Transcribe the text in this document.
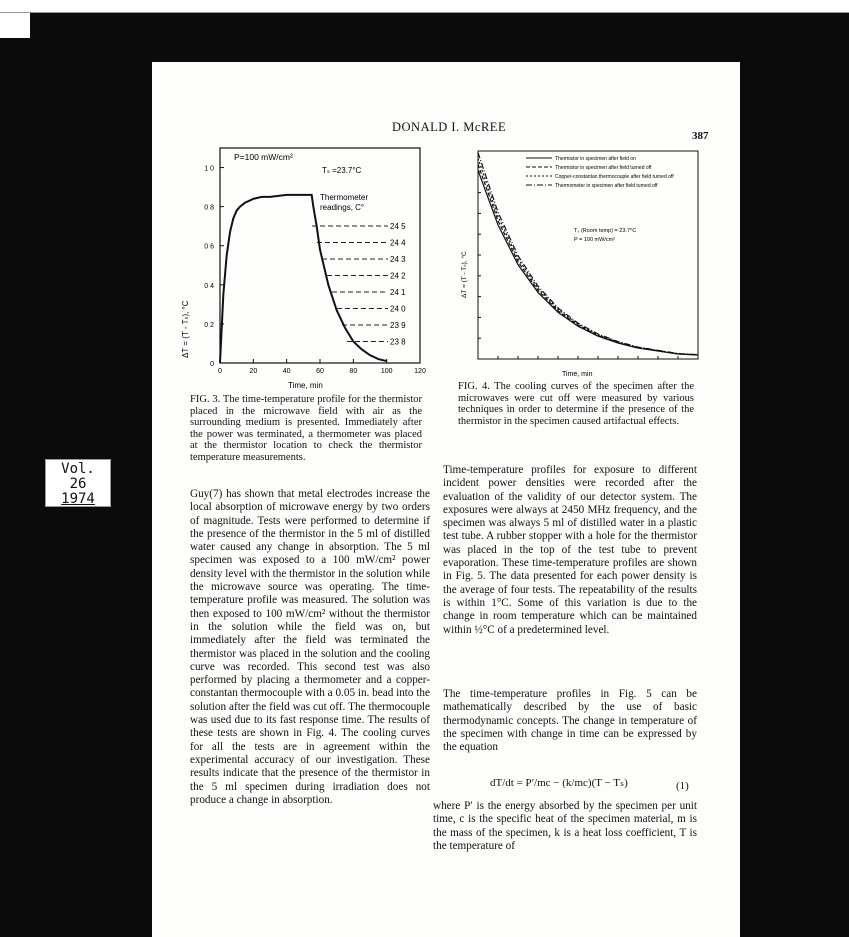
DONALD I. McREE
387
Vol.
26
1974
P=100 mW/cm²
Tₛ =23.7°C
Thermometer
readings, C°
ΔT = (T - Tₛ), °C
Time, min
0
0 2
0 4
0 6
0 8
1 0
0	20	40	60	80	100	120
24 5
24 4
24 3
24 2
24 1
24 0
23 9
23 8
FIG. 3. The time-temperature profile for the thermistor placed in the microwave field with air as the surrounding medium is presented. Immediately after the power was terminated, a thermometer was placed at the thermistor location to check the thermistor temperature measurements.
ΔT = (T - Tₛ), °C
Time, min
Tₛ (Room temp) = 23.7°C
P = 100 mW/cm²
Thermistor in specimen after field on
Thermistor in specimen after field turned off
Copper-constantan thermocouple after field turned off
Thermometer in specimen after field turned off
FIG. 4. The cooling curves of the specimen after the microwaves were cut off were measured by various techniques in order to determine if the presence of the thermistor in the specimen caused artifactual effects.
Guy(7) has shown that metal electrodes increase the local absorption of microwave energy by two orders of magnitude. Tests were performed to determine if the presence of the thermistor in the 5 ml of distilled water caused any change in absorption. The 5 ml specimen was exposed to a 100 mW/cm² power density level with the thermistor in the solution while the microwave source was operating. The time-temperature profile was measured. The solution was then exposed to 100 mW/cm² without the thermistor in the solution while the field was on, but immediately after the field was terminated the thermistor was placed in the solution and the cooling curve was recorded. This second test was also performed by placing a thermometer and a copper-constantan thermocouple with a 0.05 in. bead into the solution after the field was cut off. The thermocouple was used due to its fast response time. The results of these tests are shown in Fig. 4. The cooling curves for all the tests are in agreement within the experimental accuracy of our investigation. These results indicate that the presence of the thermistor in the 5 ml specimen during irradiation does not produce a change in absorption.
Time-temperature profiles for exposure to different incident power densities were recorded after the evaluation of the validity of our detector system. The exposures were always at 2450 MHz frequency, and the specimen was always 5 ml of distilled water in a plastic test tube. A rubber stopper with a hole for the thermistor was placed in the top of the test tube to prevent evaporation. These time-temperature profiles are shown in Fig. 5. The data presented for each power density is the average of four tests. The repeatability of the results is within 1°C. Some of this variation is due to the change in room temperature which can be maintained within ½°C of a predetermined level.
The time-temperature profiles in Fig. 5 can be mathematically described by the use of basic thermodynamic concepts. The change in temperature of the specimen with change in time can be expressed by the equation
dT/dt = P′/mc − (k/mc)(T − Tₛ)	(1)
where P′ is the energy absorbed by the specimen per unit time, c is the specific heat of the specimen material, m is the mass of the specimen, k is a heat loss coefficient, T is the temperature of
